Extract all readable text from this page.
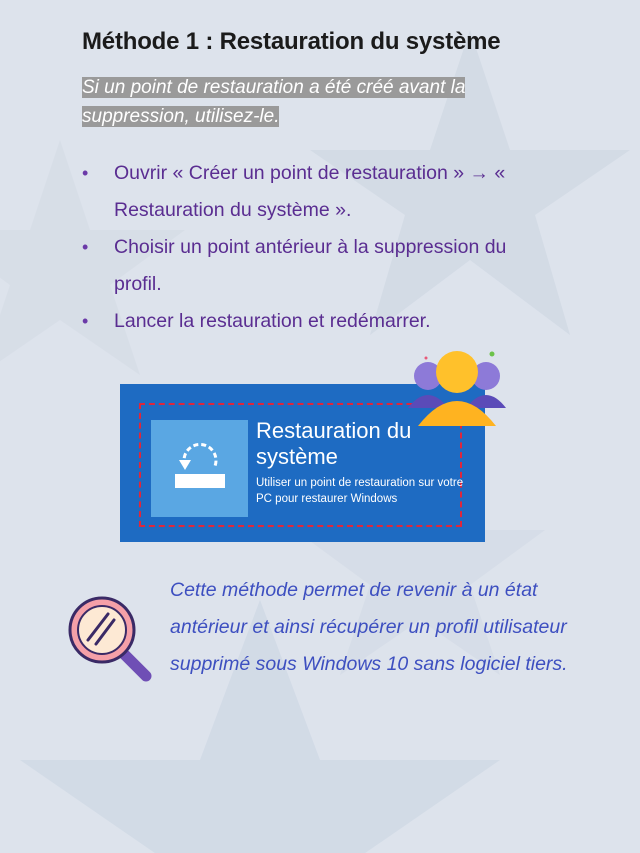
Méthode 1 : Restauration du système
Si un point de restauration a été créé avant la suppression, utilisez-le.
• Ouvrir « Créer un point de restauration » → « Restauration du système ».
• Choisir un point antérieur à la suppression du profil.
• Lancer la restauration et redémarrer.
Restauration du système
Utiliser un point de restauration sur votre PC pour restaurer Windows
Cette méthode permet de revenir à un état antérieur et ainsi récupérer un profil utilisateur supprimé sous Windows 10 sans logiciel tiers.
